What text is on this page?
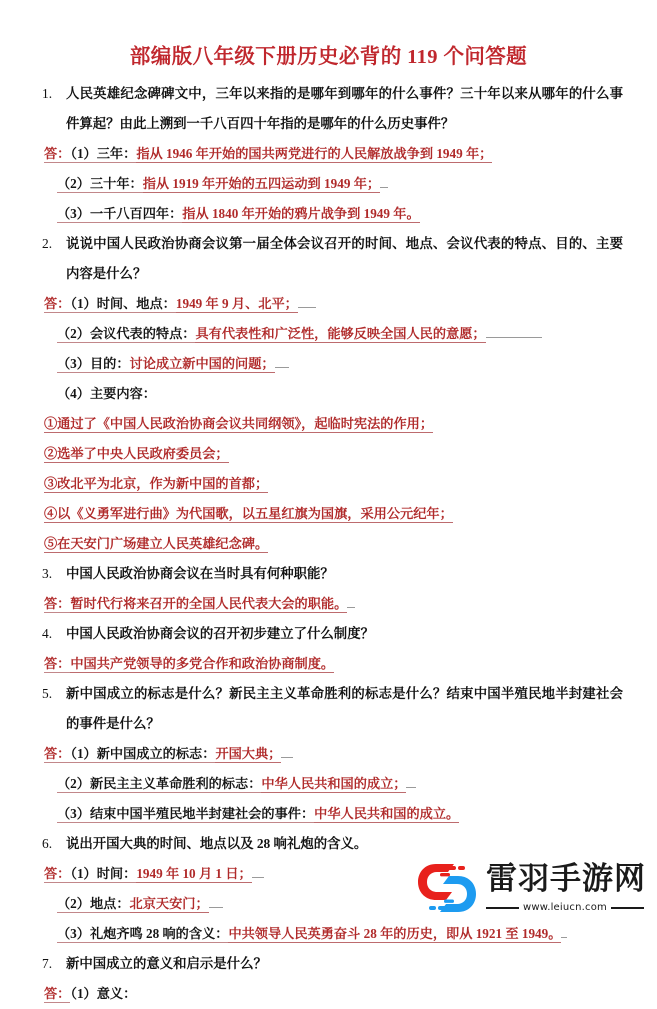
部编版八年级下册历史必背的 119 个问答题
1.	人民英雄纪念碑碑文中，三年以来指的是哪年到哪年的什么事件？三十年以来从哪年的什么事件算起？由此上溯到一千八百四十年指的是哪年的什么历史事件？
答：（1）三年：指从 1946 年开始的国共两党进行的人民解放战争到 1949 年；
（2）三十年：指从 1919 年开始的五四运动到 1949 年；
（3）一千八百四年：指从 1840 年开始的鸦片战争到 1949 年。
2.	说说中国人民政治协商会议第一届全体会议召开的时间、地点、会议代表的特点、目的、主要内容是什么？
答：（1）时间、地点：1949 年 9 月、北平；
（2）会议代表的特点：具有代表性和广泛性，能够反映全国人民的意愿；
（3）目的：讨论成立新中国的问题；
（4）主要内容：
①通过了《中国人民政治协商会议共同纲领》，起临时宪法的作用；
②选举了中央人民政府委员会；
③改北平为北京，作为新中国的首都；
④以《义勇军进行曲》为代国歌，以五星红旗为国旗，采用公元纪年；
⑤在天安门广场建立人民英雄纪念碑。
3.	中国人民政治协商会议在当时具有何种职能？
答：暂时代行将来召开的全国人民代表大会的职能。
4.	中国人民政治协商会议的召开初步建立了什么制度？
答：中国共产党领导的多党合作和政治协商制度。
5.	新中国成立的标志是什么？新民主主义革命胜利的标志是什么？结束中国半殖民地半封建社会的事件是什么？
答：（1）新中国成立的标志：开国大典；
（2）新民主主义革命胜利的标志：中华人民共和国的成立；
（3）结束中国半殖民地半封建社会的事件：中华人民共和国的成立。
6.	说出开国大典的时间、地点以及 28 响礼炮的含义。
答：（1）时间：1949 年 10 月 1 日；
（2）地点：北京天安门；
（3）礼炮齐鸣 28 响的含义：中共领导人民英勇奋斗 28 年的历史，即从 1921 至 1949。
7.	新中国成立的意义和启示是什么？
答：（1）意义：
雷羽手游网
www.leiucn.com
